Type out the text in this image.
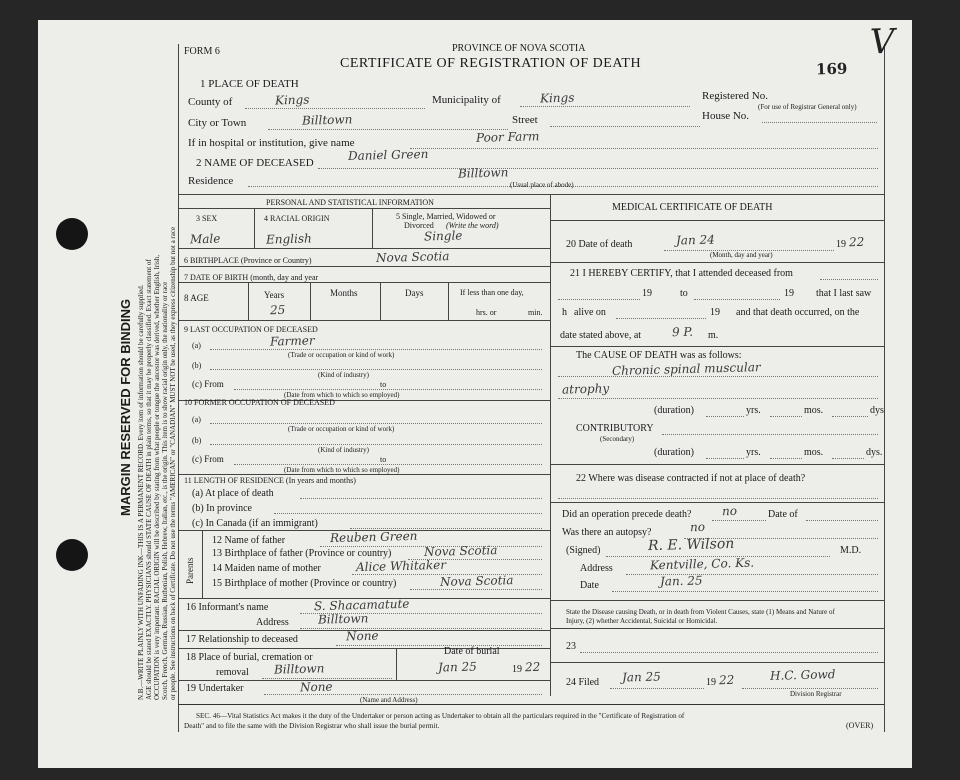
MARGIN RESERVED FOR BINDING N.B.—WRITE PLAINLY WITH UNFADING INK—THIS IS A PERMANENT RECORD. Every item of information should be carefully supplied. AGE should be stated EXACTLY. PHYSICIANS should STATE CAUSE OF DEATH in plain terms, so that it may be properly classified. Exact statement of OCCUPATION is very important. RACIAL ORIGIN will be described by stating from what people or tongue the ancestor was derived, whether English, Irish, Scotch, French, German, Russian, Ruthenian, Polish, Hebrew, Italian, etc., is the origin. This item is to show racial origin only, the nationality or race or people. See instructions on back of Certificate. Do not use the terms "AMERICAN" or "CANADIAN" MUST NOT be used, as they express citizenship but not a race
FORM 6	PROVINCE OF NOVA SCOTIA
CERTIFICATE OF REGISTRATION OF DEATH	169
V
1 PLACE OF DEATH
County of	Kings	Municipality of	Kings	Registered No.
(For use of Registrar General only)
City or Town	Billtown	Street	House No.
If in hospital or institution, give name	Poor Farm
2 NAME OF DECEASED	Daniel Green
Residence
Billtown
(Usual place of abode)
PERSONAL AND STATISTICAL INFORMATION
3 SEX	4 RACIAL ORIGIN	5 Single, Married, Widowed or
Divorced (Write the word)
Male	English	Single
6 BIRTHPLACE (Province or Country)	Nova Scotia
7 DATE OF BIRTH (month, day and year
8 AGE	Years	Months	Days	If less than one day,
hrs. or	min.
25
9 LAST OCCUPATION OF DECEASED
(a)	Farmer
(Trade or occupation or kind of work)
(b)
(Kind of industry)
(c) From	to
(Date from which to which so employed)
10 FORMER OCCUPATION OF DECEASED
(a)
(Trade or occupation or kind of work)
(b)
(Kind of industry)
(c) From	to
(Date from which to which so employed)
11 LENGTH OF RESIDENCE (In years and months)
(a) At place of death
(b) In province
(c) In Canada (if an immigrant)
Parents
12 Name of father	Reuben Green
13 Birthplace of father (Province or country)	Nova Scotia
14 Maiden name of mother	Alice Whitaker
15 Birthplace of mother (Province or country)	Nova Scotia
16 Informant's name	S. Shacamatute
Address Billtown
17 Relationship to deceased	None
18 Place of burial, cremation or
removal Billtown
Date of burial
Jan 25	19 22
19 Undertaker	None
(Name and Address)
MEDICAL CERTIFICATE OF DEATH
20 Date of death	Jan 24	19 22
(Month, day and year)
21 I HEREBY CERTIFY, that I attended deceased from
19	to	19 that I last saw
h alive on	19 and that death occurred, on the
date stated above, at	9 P. m.
The CAUSE OF DEATH was as follows:
Chronic spinal muscular
atrophy
(duration)	yrs.	mos.	dys
CONTRIBUTORY
(Secondary)
(duration)	yrs.	mos.	dys.
22 Where was disease contracted if not at place of death?
Did an operation precede death?	no	Date of
Was there an autopsy?	no
(Signed)	R. E. Wilson	M.D.
Address	Kentville, Co. Ks.
Date	Jan. 25
State the Disease causing Death, or in death from Violent Causes, state (1) Means and Nature of
Injury, (2) whether Accidental, Suicidal or Homicidal.
23
24 Filed Jan 25	19 22	H.C. Gowd
Division Registrar
SEC. 46—Vital Statistics Act makes it the duty of the Undertaker or person acting as Undertaker to obtain all the particulars required in the "Certificate of Registration of
Death" and to file the same with the Division Registrar who shall issue the burial permit.	(OVER)
